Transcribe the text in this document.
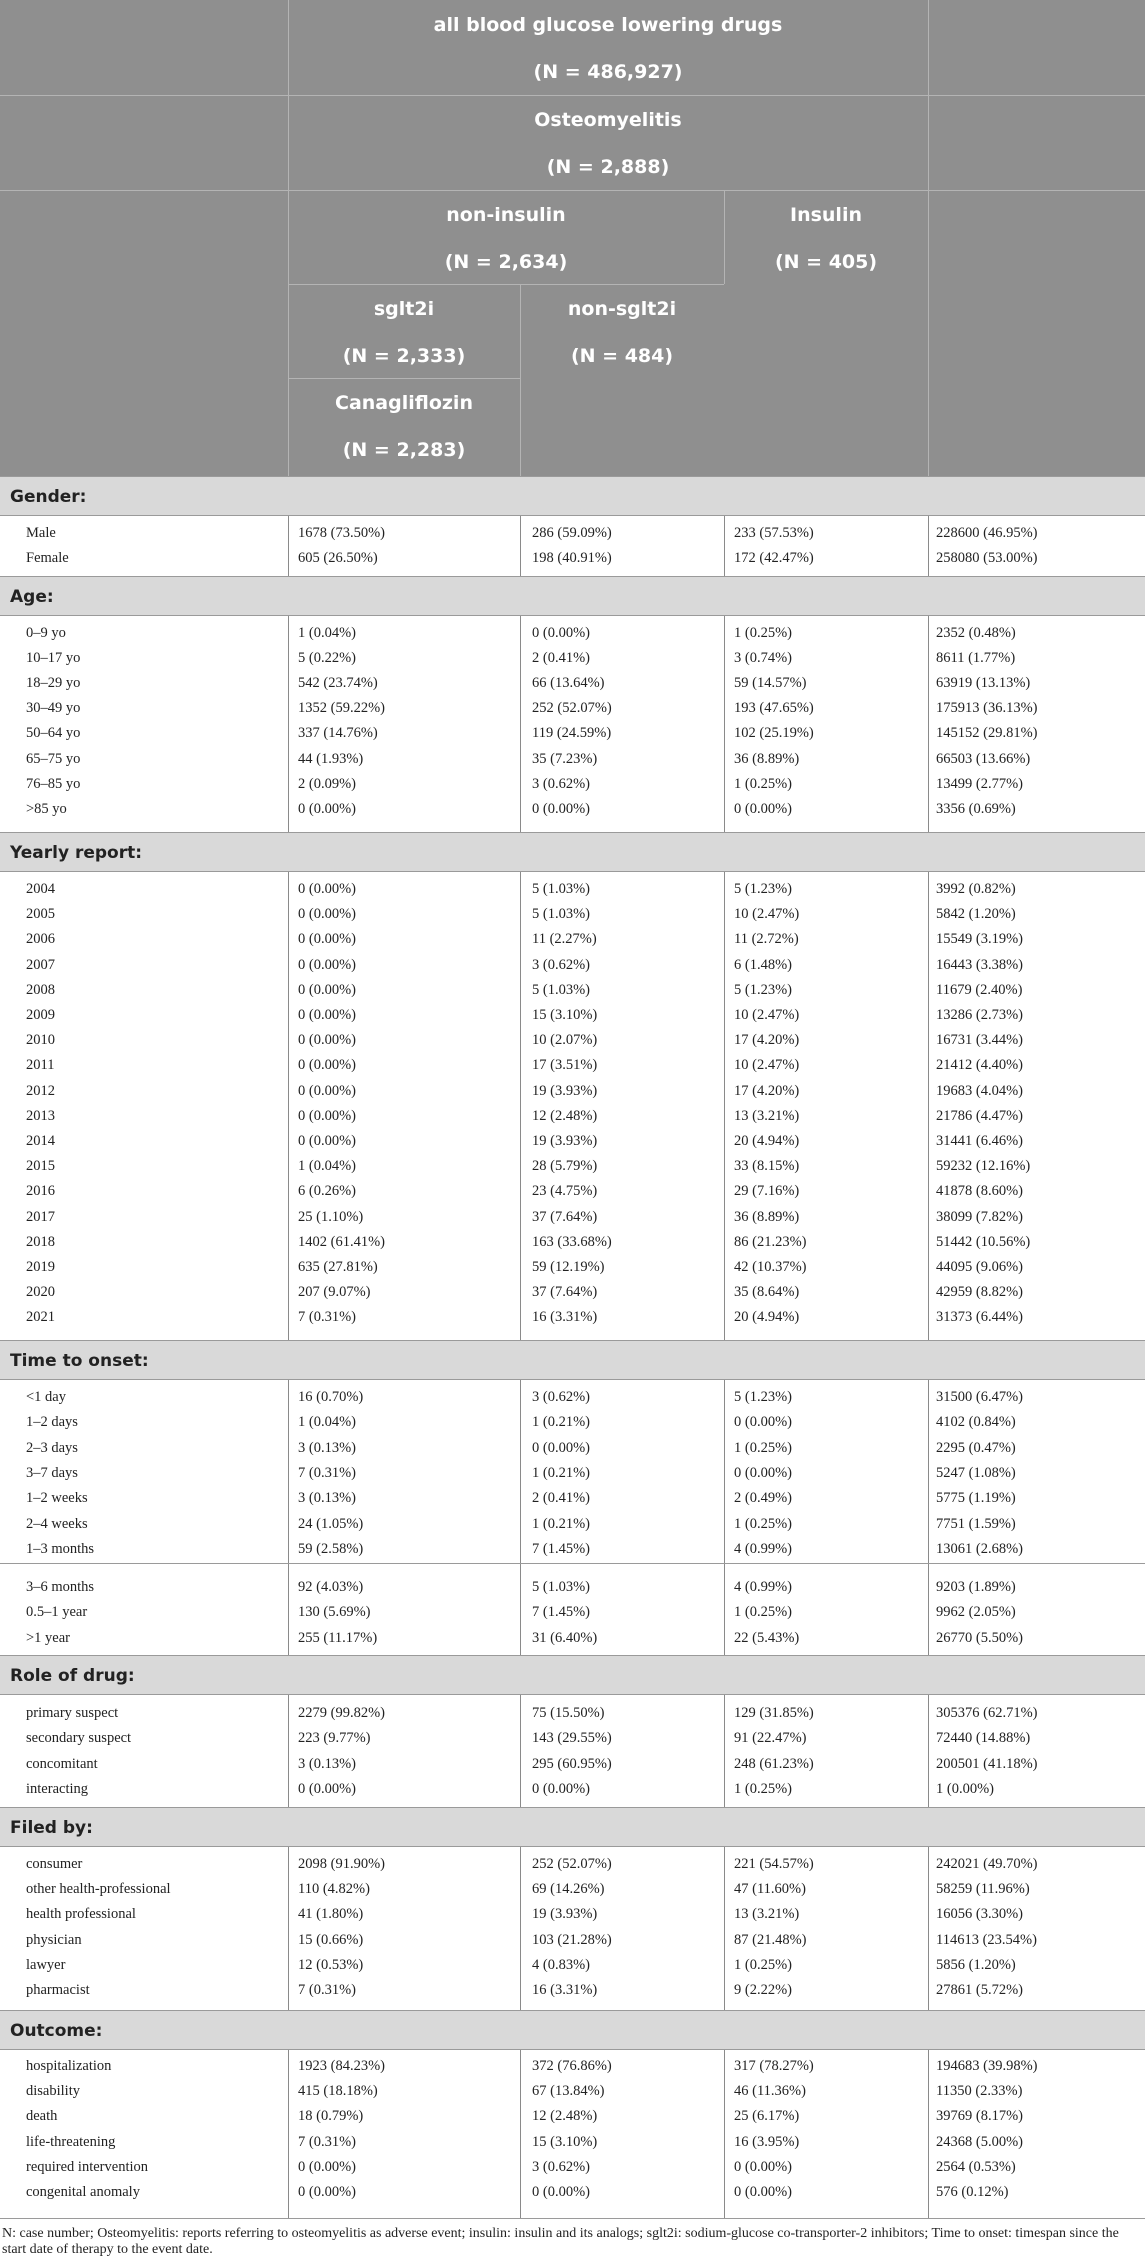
all blood glucose lowering drugs
(N = 486,927)
Osteomyelitis
(N = 2,888)
non-insulin
(N = 2,634)
Insulin
(N = 405)
sglt2i
(N = 2,333)
non-sglt2i
(N = 484)
Canagliflozin
(N = 2,283)
Gender:
Male	1678 (73.50%)	286 (59.09%)	233 (57.53%)	228600 (46.95%)
Female	605 (26.50%)	198 (40.91%)	172 (42.47%)	258080 (53.00%)
Age:
0–9 yo	1 (0.04%)	0 (0.00%)	1 (0.25%)	2352 (0.48%)
10–17 yo	5 (0.22%)	2 (0.41%)	3 (0.74%)	8611 (1.77%)
18–29 yo	542 (23.74%)	66 (13.64%)	59 (14.57%)	63919 (13.13%)
30–49 yo	1352 (59.22%)	252 (52.07%)	193 (47.65%)	175913 (36.13%)
50–64 yo	337 (14.76%)	119 (24.59%)	102 (25.19%)	145152 (29.81%)
65–75 yo	44 (1.93%)	35 (7.23%)	36 (8.89%)	66503 (13.66%)
76–85 yo	2 (0.09%)	3 (0.62%)	1 (0.25%)	13499 (2.77%)
>85 yo	0 (0.00%)	0 (0.00%)	0 (0.00%)	3356 (0.69%)
Yearly report:
2004	0 (0.00%)	5 (1.03%)	5 (1.23%)	3992 (0.82%)
2005	0 (0.00%)	5 (1.03%)	10 (2.47%)	5842 (1.20%)
2006	0 (0.00%)	11 (2.27%)	11 (2.72%)	15549 (3.19%)
2007	0 (0.00%)	3 (0.62%)	6 (1.48%)	16443 (3.38%)
2008	0 (0.00%)	5 (1.03%)	5 (1.23%)	11679 (2.40%)
2009	0 (0.00%)	15 (3.10%)	10 (2.47%)	13286 (2.73%)
2010	0 (0.00%)	10 (2.07%)	17 (4.20%)	16731 (3.44%)
2011	0 (0.00%)	17 (3.51%)	10 (2.47%)	21412 (4.40%)
2012	0 (0.00%)	19 (3.93%)	17 (4.20%)	19683 (4.04%)
2013	0 (0.00%)	12 (2.48%)	13 (3.21%)	21786 (4.47%)
2014	0 (0.00%)	19 (3.93%)	20 (4.94%)	31441 (6.46%)
2015	1 (0.04%)	28 (5.79%)	33 (8.15%)	59232 (12.16%)
2016	6 (0.26%)	23 (4.75%)	29 (7.16%)	41878 (8.60%)
2017	25 (1.10%)	37 (7.64%)	36 (8.89%)	38099 (7.82%)
2018	1402 (61.41%)	163 (33.68%)	86 (21.23%)	51442 (10.56%)
2019	635 (27.81%)	59 (12.19%)	42 (10.37%)	44095 (9.06%)
2020	207 (9.07%)	37 (7.64%)	35 (8.64%)	42959 (8.82%)
2021	7 (0.31%)	16 (3.31%)	20 (4.94%)	31373 (6.44%)
Time to onset:
<1 day	16 (0.70%)	3 (0.62%)	5 (1.23%)	31500 (6.47%)
1–2 days	1 (0.04%)	1 (0.21%)	0 (0.00%)	4102 (0.84%)
2–3 days	3 (0.13%)	0 (0.00%)	1 (0.25%)	2295 (0.47%)
3–7 days	7 (0.31%)	1 (0.21%)	0 (0.00%)	5247 (1.08%)
1–2 weeks	3 (0.13%)	2 (0.41%)	2 (0.49%)	5775 (1.19%)
2–4 weeks	24 (1.05%)	1 (0.21%)	1 (0.25%)	7751 (1.59%)
1–3 months	59 (2.58%)	7 (1.45%)	4 (0.99%)	13061 (2.68%)
3–6 months	92 (4.03%)	5 (1.03%)	4 (0.99%)	9203 (1.89%)
0.5–1 year	130 (5.69%)	7 (1.45%)	1 (0.25%)	9962 (2.05%)
>1 year	255 (11.17%)	31 (6.40%)	22 (5.43%)	26770 (5.50%)
Role of drug:
primary suspect	2279 (99.82%)	75 (15.50%)	129 (31.85%)	305376 (62.71%)
secondary suspect	223 (9.77%)	143 (29.55%)	91 (22.47%)	72440 (14.88%)
concomitant	3 (0.13%)	295 (60.95%)	248 (61.23%)	200501 (41.18%)
interacting	0 (0.00%)	0 (0.00%)	1 (0.25%)	1 (0.00%)
Filed by:
consumer	2098 (91.90%)	252 (52.07%)	221 (54.57%)	242021 (49.70%)
other health-professional	110 (4.82%)	69 (14.26%)	47 (11.60%)	58259 (11.96%)
health professional	41 (1.80%)	19 (3.93%)	13 (3.21%)	16056 (3.30%)
physician	15 (0.66%)	103 (21.28%)	87 (21.48%)	114613 (23.54%)
lawyer	12 (0.53%)	4 (0.83%)	1 (0.25%)	5856 (1.20%)
pharmacist	7 (0.31%)	16 (3.31%)	9 (2.22%)	27861 (5.72%)
Outcome:
hospitalization	1923 (84.23%)	372 (76.86%)	317 (78.27%)	194683 (39.98%)
disability	415 (18.18%)	67 (13.84%)	46 (11.36%)	11350 (2.33%)
death	18 (0.79%)	12 (2.48%)	25 (6.17%)	39769 (8.17%)
life-threatening	7 (0.31%)	15 (3.10%)	16 (3.95%)	24368 (5.00%)
required intervention	0 (0.00%)	3 (0.62%)	0 (0.00%)	2564 (0.53%)
congenital anomaly	0 (0.00%)	0 (0.00%)	0 (0.00%)	576 (0.12%)
N: case number; Osteomyelitis: reports referring to osteomyelitis as adverse event; insulin: insulin and its analogs; sglt2i: sodium-glucose co-transporter-2 inhibitors; Time to onset: timespan since the start date of therapy to the event date.
